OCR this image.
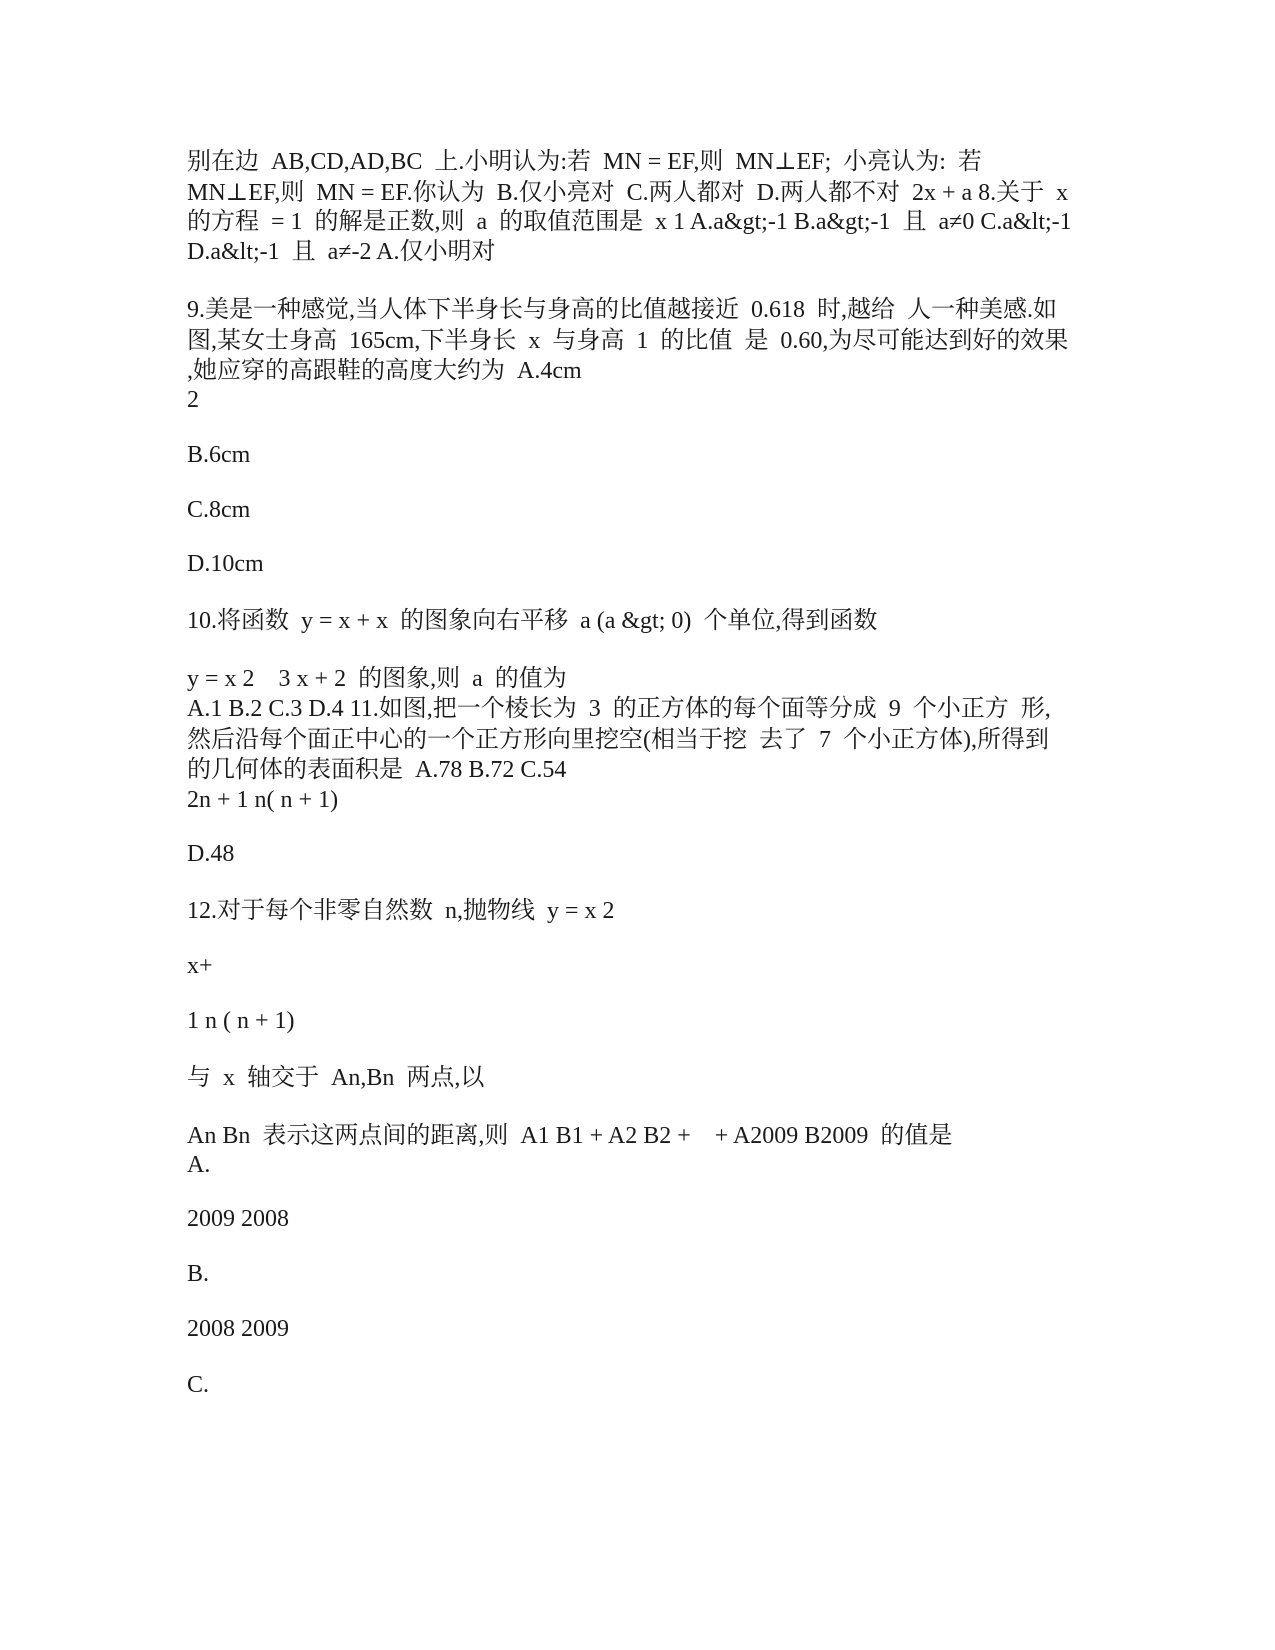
别在边  AB,CD,AD,BC  上.小明认为:若  MN = EF,则  MN⊥EF;  小亮认为:  若

MN⊥EF,则  MN = EF.你认为  B.仅小亮对  C.两人都对  D.两人都不对  2x + a 8.关于  x

的方程  = 1  的解是正数,则  a  的取值范围是  x 1 A.a&gt;-1 B.a&gt;-1  且  a≠0 C.a&lt;-1

D.a&lt;-1  且  a≠-2 A.仅小明对

9.美是一种感觉,当人体下半身长与身高的比值越接近  0.618  时,越给  人一种美感.如

图,某女士身高  165cm,下半身长  x  与身高  1  的比值  是  0.60,为尽可能达到好的效果

,她应穿的高跟鞋的高度大约为  A.4cm

2

B.6cm

C.8cm

D.10cm

10.将函数  y = x + x  的图象向右平移  a (a &gt; 0)  个单位,得到函数

y = x 2    3 x + 2  的图象,则  a  的值为

A.1 B.2 C.3 D.4 11.如图,把一个棱长为  3  的正方体的每个面等分成  9  个小正方  形,

然后沿每个面正中心的一个正方形向里挖空(相当于挖  去了  7  个小正方体),所得到

的几何体的表面积是  A.78 B.72 C.54

2n + 1 n( n + 1)

D.48

12.对于每个非零自然数  n,抛物线  y = x 2

x+

1 n ( n + 1)

与  x  轴交于  An,Bn  两点,以

An Bn  表示这两点间的距离,则  A1 B1 + A2 B2 +    + A2009 B2009  的值是

A.

2009 2008

B.

2008 2009

C.
